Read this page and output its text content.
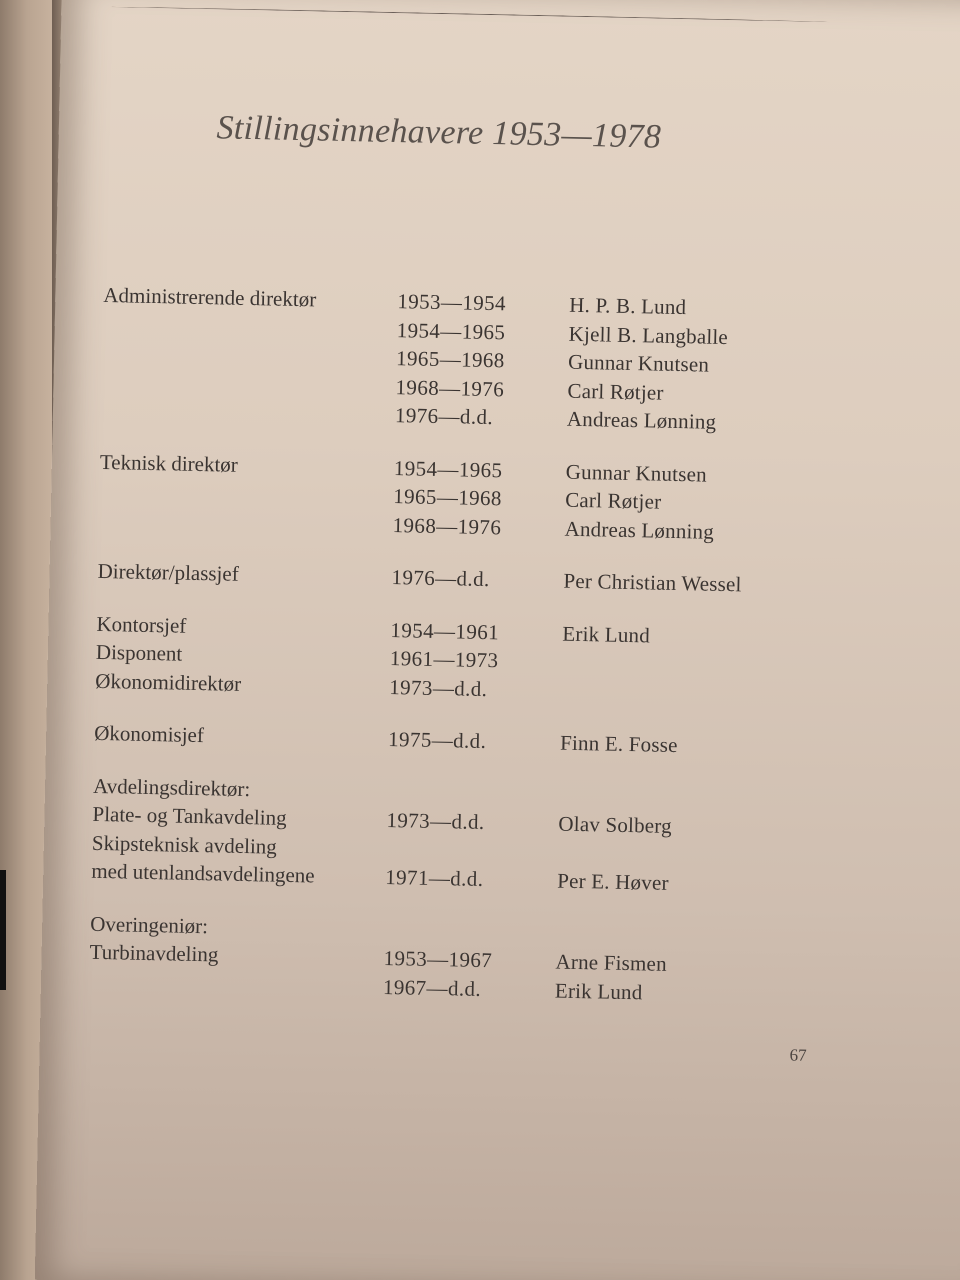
Stillingsinnehavere 1953—1978
Administrerende direktør	1953—1954	H. P. B. Lund
1954—1965	Kjell B. Langballe
1965—1968	Gunnar Knutsen
1968—1976	Carl Røtjer
1976—d.d.	Andreas Lønning
Teknisk direktør	1954—1965	Gunnar Knutsen
1965—1968	Carl Røtjer
1968—1976	Andreas Lønning
Direktør/plassjef	1976—d.d.	Per Christian Wessel
Kontorsjef	1954—1961	Erik Lund
Disponent	1961—1973
Økonomidirektør	1973—d.d.
Økonomisjef	1975—d.d.	Finn E. Fosse
Avdelingsdirektør:
Plate- og Tankavdeling	1973—d.d.	Olav Solberg
Skipsteknisk avdeling
med utenlandsavdelingene	1971—d.d.	Per E. Høver
Overingeniør:
Turbinavdeling	1953—1967	Arne Fismen
1967—d.d.	Erik Lund
67
